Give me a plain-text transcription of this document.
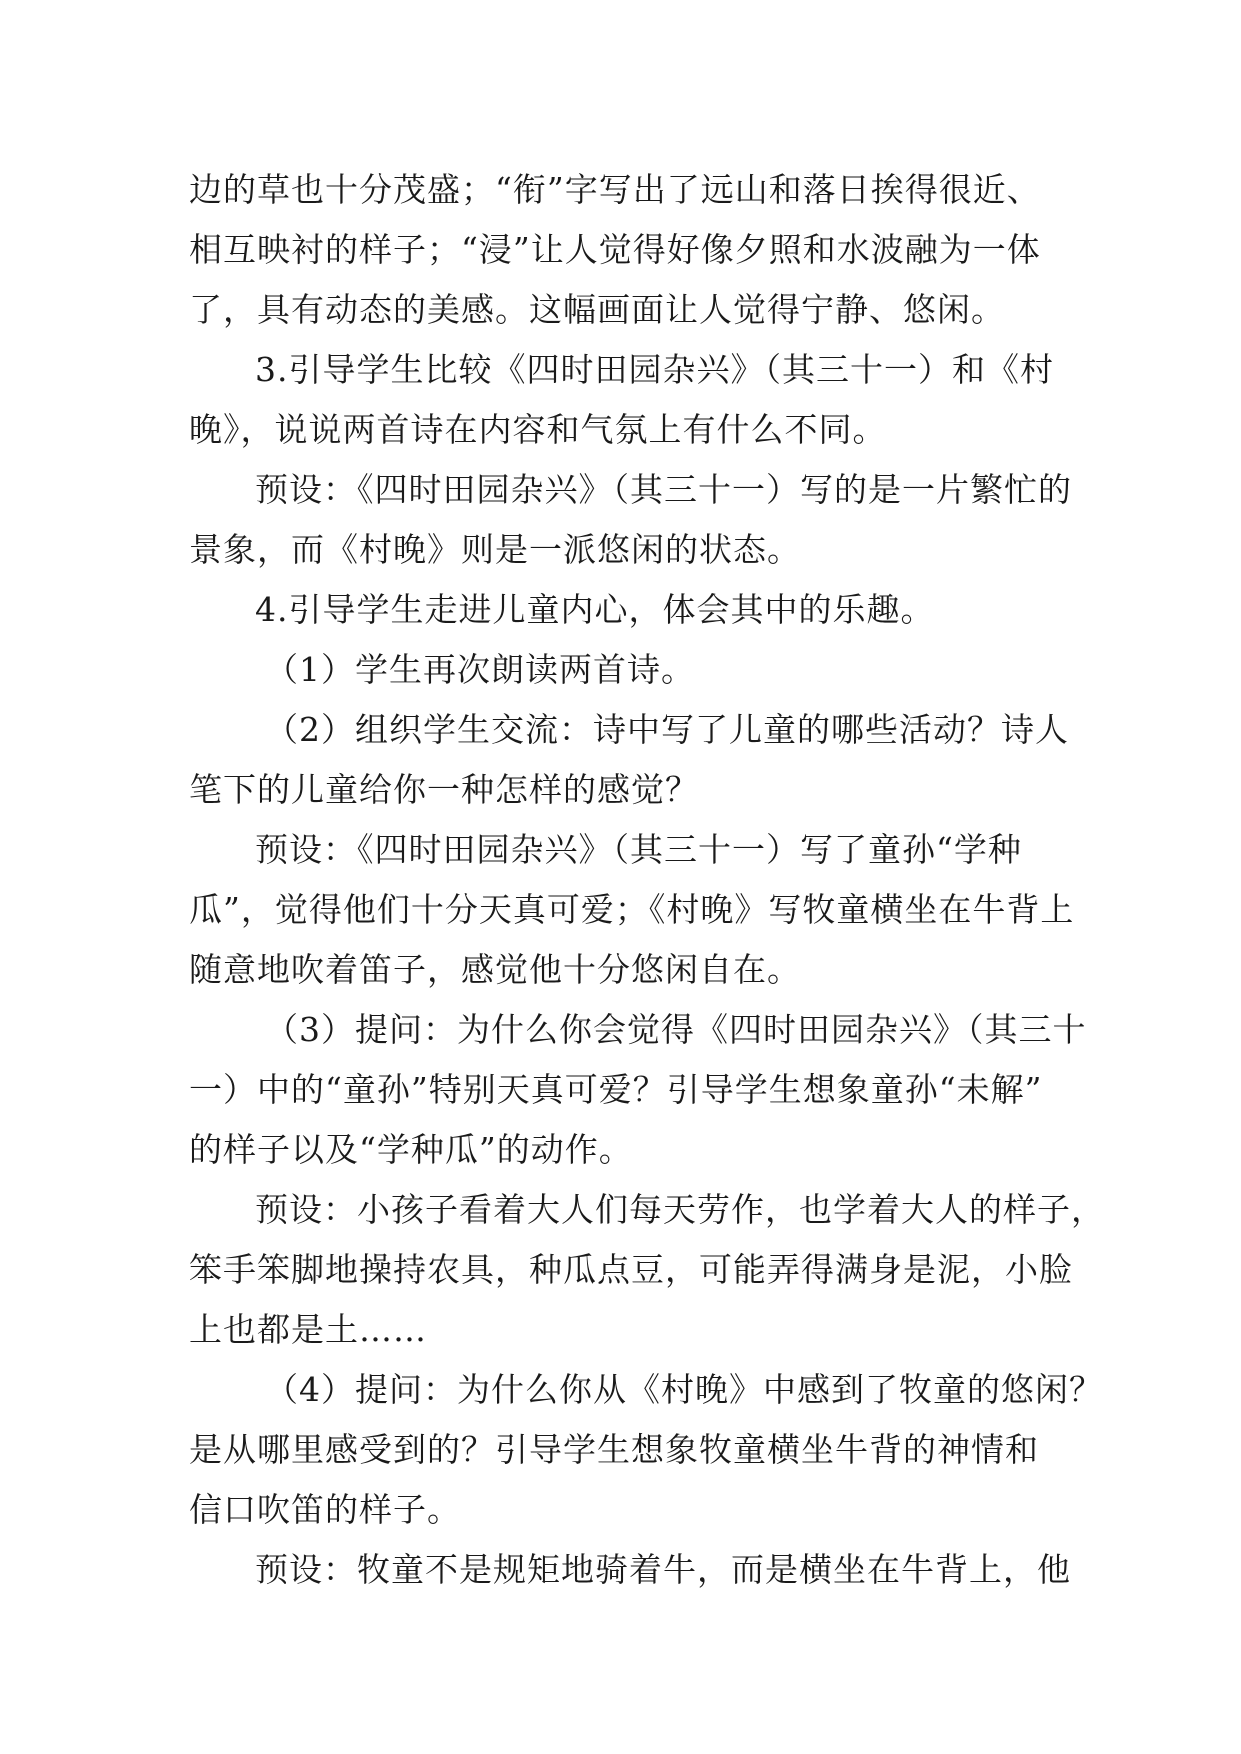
边的草也十分茂盛；“衔”字写出了远山和落日挨得很近、
相互映衬的样子；“浸”让人觉得好像夕照和水波融为一体
了，具有动态的美感。这幅画面让人觉得宁静、悠闲。
3.引导学生比较《四时田园杂兴》（其三十一）和《村
晚》，说说两首诗在内容和气氛上有什么不同。
预设：《四时田园杂兴》（其三十一）写的是一片繁忙的
景象，而《村晚》则是一派悠闲的状态。
4.引导学生走进儿童内心，体会其中的乐趣。
（1）学生再次朗读两首诗。
（2）组织学生交流：诗中写了儿童的哪些活动？诗人
笔下的儿童给你一种怎样的感觉？
预设：《四时田园杂兴》（其三十一）写了童孙“学种
瓜”，觉得他们十分天真可爱；《村晚》写牧童横坐在牛背上
随意地吹着笛子，感觉他十分悠闲自在。
（3）提问：为什么你会觉得《四时田园杂兴》（其三十
一）中的“童孙”特别天真可爱？引导学生想象童孙“未解”
的样子以及“学种瓜”的动作。
预设：小孩子看着大人们每天劳作，也学着大人的样子，
笨手笨脚地操持农具，种瓜点豆，可能弄得满身是泥，小脸
上也都是土……
（4）提问：为什么你从《村晚》中感到了牧童的悠闲？
是从哪里感受到的？引导学生想象牧童横坐牛背的神情和
信口吹笛的样子。
预设：牧童不是规矩地骑着牛，而是横坐在牛背上，他
